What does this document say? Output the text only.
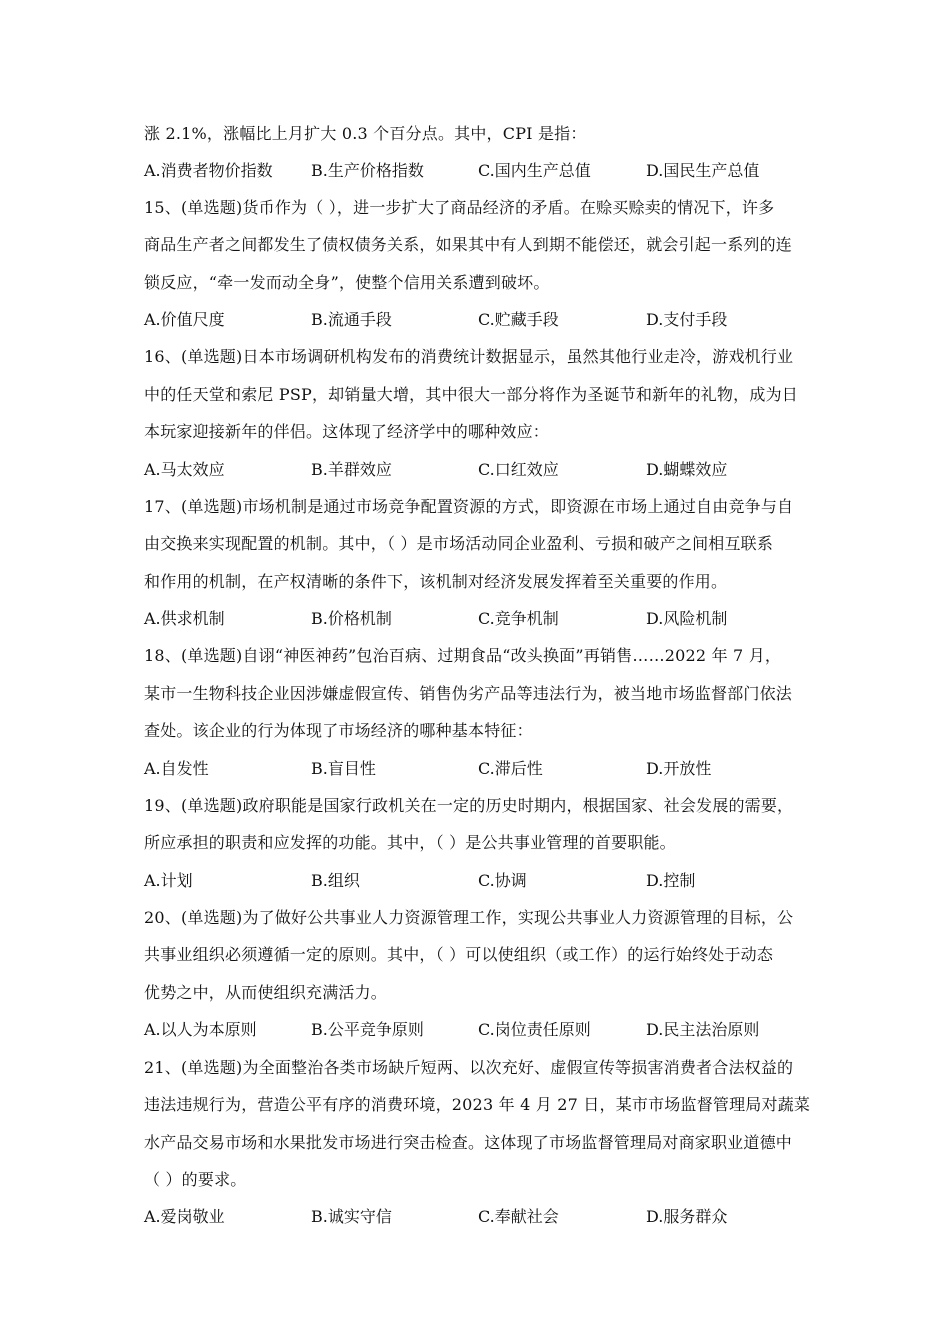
涨 2.1%，涨幅比上月扩大 0.3 个百分点。其中，CPI 是指：
A.消费者物价指数 B.生产价格指数	C.国内生产总值	D.国民生产总值
15、(单选题)货币作为（ ），进一步扩大了商品经济的矛盾。在赊买赊卖的情况下，许多
商品生产者之间都发生了债权债务关系，如果其中有人到期不能偿还，就会引起一系列的连
锁反应，“牵一发而动全身”，使整个信用关系遭到破坏。
A.价值尺度	B.流通手段	C.贮藏手段	D.支付手段
16、(单选题)日本市场调研机构发布的消费统计数据显示，虽然其他行业走冷，游戏机行业
中的任天堂和索尼 PSP，却销量大增，其中很大一部分将作为圣诞节和新年的礼物，成为日
本玩家迎接新年的伴侣。这体现了经济学中的哪种效应：
A.马太效应	B.羊群效应	C.口红效应	D.蝴蝶效应
17、(单选题)市场机制是通过市场竞争配置资源的方式，即资源在市场上通过自由竞争与自
由交换来实现配置的机制。其中，（ ）是市场活动同企业盈利、亏损和破产之间相互联系
和作用的机制，在产权清晰的条件下，该机制对经济发展发挥着至关重要的作用。
A.供求机制	B.价格机制	C.竞争机制	D.风险机制
18、(单选题)自诩“神医神药”包治百病、过期食品“改头换面”再销售……2022 年 7 月，
某市一生物科技企业因涉嫌虚假宣传、销售伪劣产品等违法行为，被当地市场监督部门依法
查处。该企业的行为体现了市场经济的哪种基本特征：
A.自发性	B.盲目性	C.滞后性	D.开放性
19、(单选题)政府职能是国家行政机关在一定的历史时期内，根据国家、社会发展的需要，
所应承担的职责和应发挥的功能。其中，（ ）是公共事业管理的首要职能。
A.计划	B.组织	C.协调	D.控制
20、(单选题)为了做好公共事业人力资源管理工作，实现公共事业人力资源管理的目标，公
共事业组织必须遵循一定的原则。其中，（ ）可以使组织（或工作）的运行始终处于动态
优势之中，从而使组织充满活力。
A.以人为本原则	B.公平竞争原则	C.岗位责任原则	D.民主法治原则
21、(单选题)为全面整治各类市场缺斤短两、以次充好、虚假宣传等损害消费者合法权益的
违法违规行为，营造公平有序的消费环境，2023 年 4 月 27 日，某市市场监督管理局对蔬菜
水产品交易市场和水果批发市场进行突击检查。这体现了市场监督管理局对商家职业道德中
（ ）的要求。
A.爱岗敬业	B.诚实守信	C.奉献社会	D.服务群众
